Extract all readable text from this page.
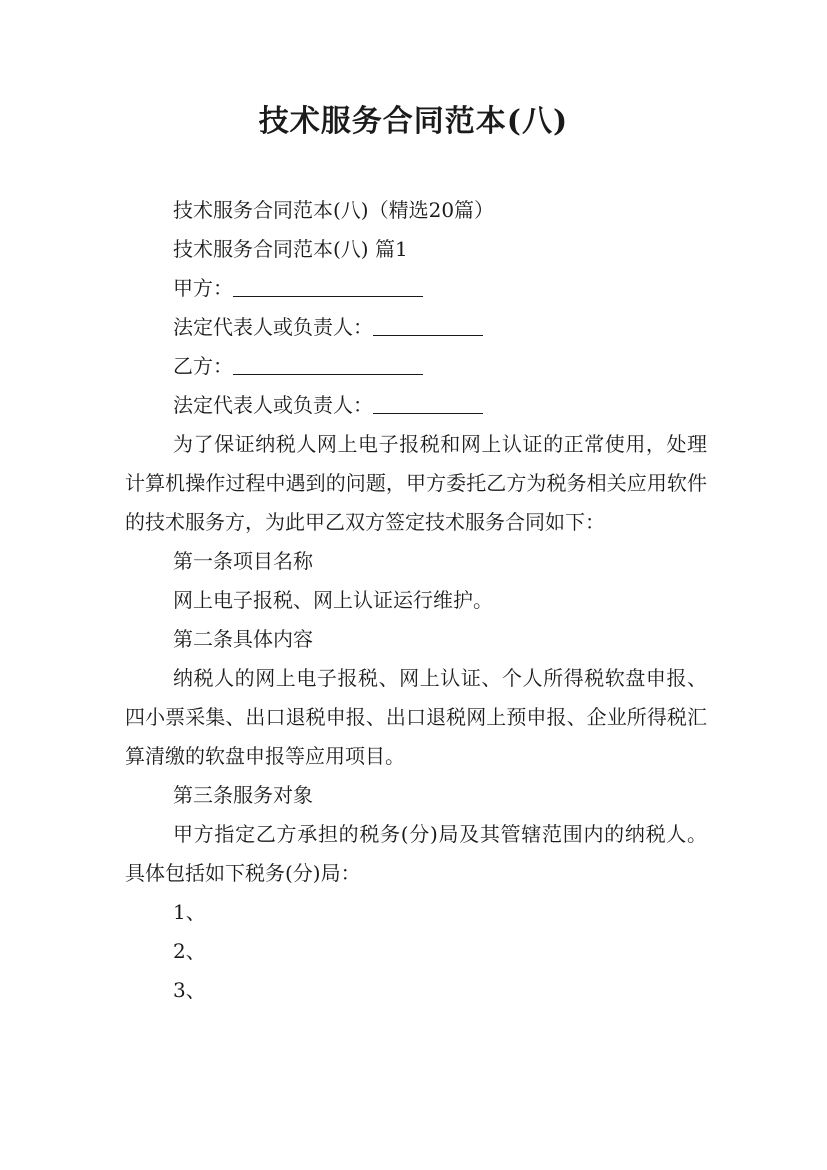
技术服务合同范本(八)

技术服务合同范本(八)（精选20篇）

技术服务合同范本(八) 篇1

甲方：

法定代表人或负责人：

乙方：

法定代表人或负责人：

为了保证纳税人网上电子报税和网上认证的正常使用，处理计算机操作过程中遇到的问题，甲方委托乙方为税务相关应用软件的技术服务方，为此甲乙双方签定技术服务合同如下：

第一条项目名称

网上电子报税、网上认证运行维护。

第二条具体内容

纳税人的网上电子报税、网上认证、个人所得税软盘申报、四小票采集、出口退税申报、出口退税网上预申报、企业所得税汇算清缴的软盘申报等应用项目。

第三条服务对象

甲方指定乙方承担的税务(分)局及其管辖范围内的纳税人。具体包括如下税务(分)局：

1、

2、

3、
